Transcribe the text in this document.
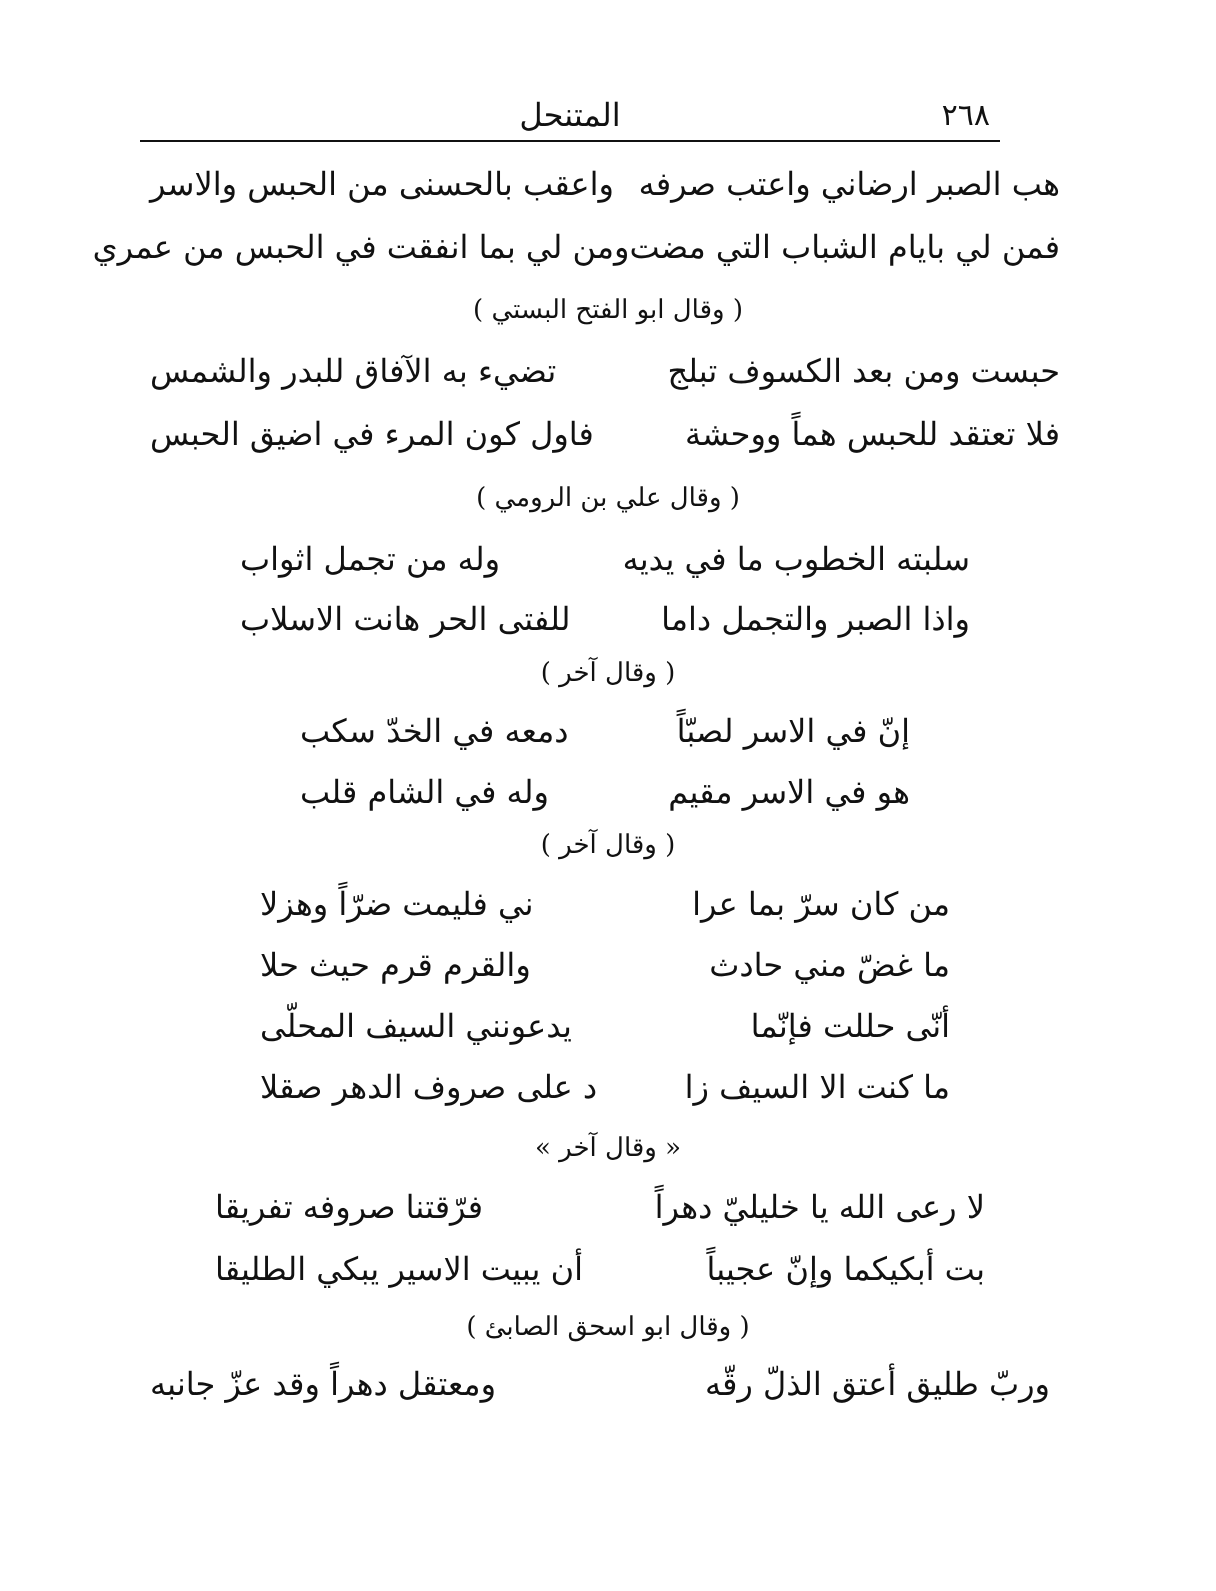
٢٦٨
المتنحل
هب الصبر ارضاني واعتب صرفه
واعقب بالحسنى من الحبس والاسر
فمن لي بايام الشباب التي مضت
ومن لي بما انفقت في الحبس من عمري
( وقال ابو الفتح البستي )
حبست ومن بعد الكسوف تبلج
تضيء به الآفاق للبدر والشمس
فلا تعتقد للحبس هماً ووحشة
فاول كون المرء في اضيق الحبس
( وقال علي بن الرومي )
سلبته الخطوب ما في يديه
وله من تجمل اثواب
واذا الصبر والتجمل داما
للفتى الحر هانت الاسلاب
( وقال آخر )
إنّ في الاسر لصبّاً
دمعه في الخدّ سكب
هو في الاسر مقيم
وله في الشام قلب
( وقال آخر )
من كان سرّ بما عرا
ني فليمت ضرّاً وهزلا
ما غضّ مني حادث
والقرم قرم حيث حلا
أنّى حللت فإنّما
يدعونني السيف المحلّى
ما كنت الا السيف زا
د على صروف الدهر صقلا
« وقال آخر »
لا رعى الله يا خليليّ دهراً
فرّقتنا صروفه تفريقا
بت أبكيكما وإنّ عجيباً
أن يبيت الاسير يبكي الطليقا
( وقال ابو اسحق الصابئ )
وربّ طليق أعتق الذلّ رقّه
ومعتقل دهراً وقد عزّ جانبه
